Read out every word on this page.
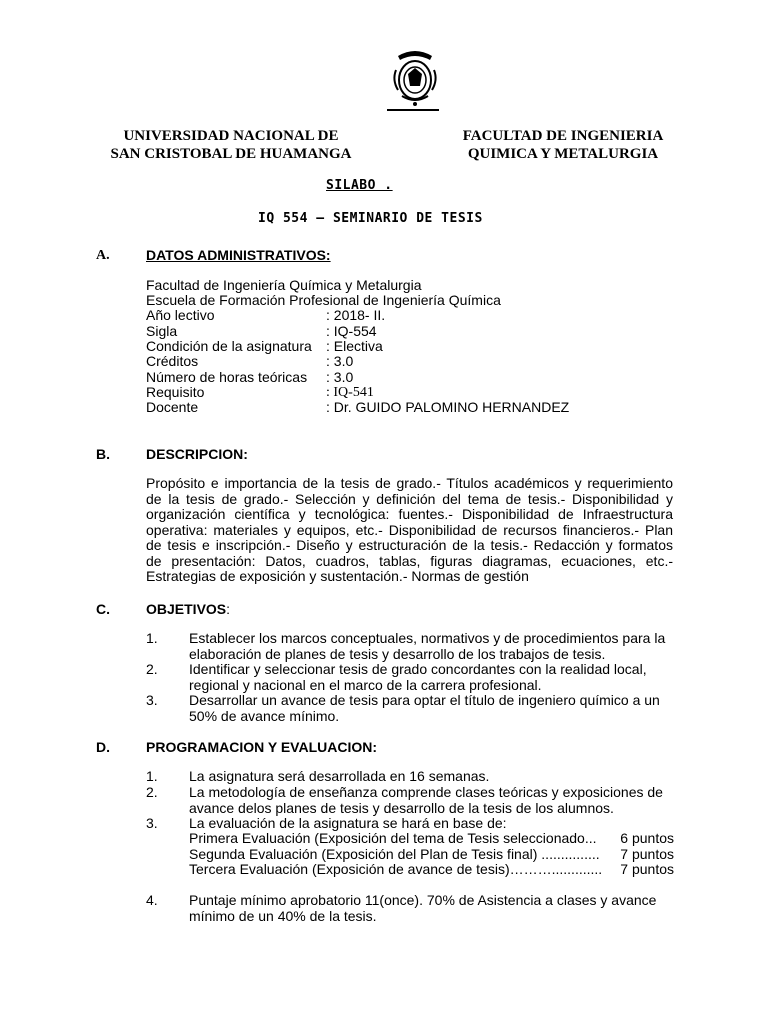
UNIVERSIDAD NACIONAL DE
SAN CRISTOBAL DE HUAMANGA
FACULTAD DE INGENIERIA
QUIMICA Y METALURGIA
SILABO .
IQ 554 – SEMINARIO DE TESIS
A.	DATOS ADMINISTRATIVOS:
Facultad de Ingeniería Química y Metalurgia
Escuela de Formación Profesional de Ingeniería Química
Año lectivo	: 2018- II.
Sigla	: IQ-554
Condición de la asignatura : Electiva
Créditos	: 3.0
Número de horas teóricas : 3.0
Requisito	: IQ-541
Docente	: Dr. GUIDO PALOMINO HERNANDEZ
B.	DESCRIPCION:
Propósito e importancia de la tesis de grado.- Títulos académicos y requerimiento
de la tesis de grado.- Selección y definición del tema de tesis.- Disponibilidad y
organización científica y tecnológica: fuentes.- Disponibilidad de Infraestructura
operativa: materiales y equipos, etc.- Disponibilidad de recursos financieros.- Plan
de tesis e inscripción.- Diseño y estructuración de la tesis.- Redacción y formatos
de presentación: Datos, cuadros, tablas, figuras diagramas, ecuaciones, etc.-
Estrategias de exposición y sustentación.- Normas de gestión
C.	OBJETIVOS:
1. Establecer los marcos conceptuales, normativos y de procedimientos para la
elaboración de planes de tesis y desarrollo de los trabajos de tesis.
2. Identificar y seleccionar tesis de grado concordantes con la realidad local,
regional y nacional en el marco de la carrera profesional.
3. Desarrollar un avance de tesis para optar el título de ingeniero químico a un
50% de avance mínimo.
D.	PROGRAMACION Y EVALUACION:
1. La asignatura será desarrollada en 16 semanas.
2. La metodología de enseñanza comprende clases teóricas y exposiciones de
avance delos planes de tesis y desarrollo de la tesis de los alumnos.
3. La evaluación de la asignatura se hará en base de:
Primera Evaluación (Exposición del tema de Tesis seleccionado...	6 puntos
Segunda Evaluación (Exposición del Plan de Tesis final) ...............	7 puntos
Tercera Evaluación (Exposición de avance de tesis)……….............	7 puntos
4. Puntaje mínimo aprobatorio 11(once). 70% de Asistencia a clases y avance
mínimo de un 40% de la tesis.
